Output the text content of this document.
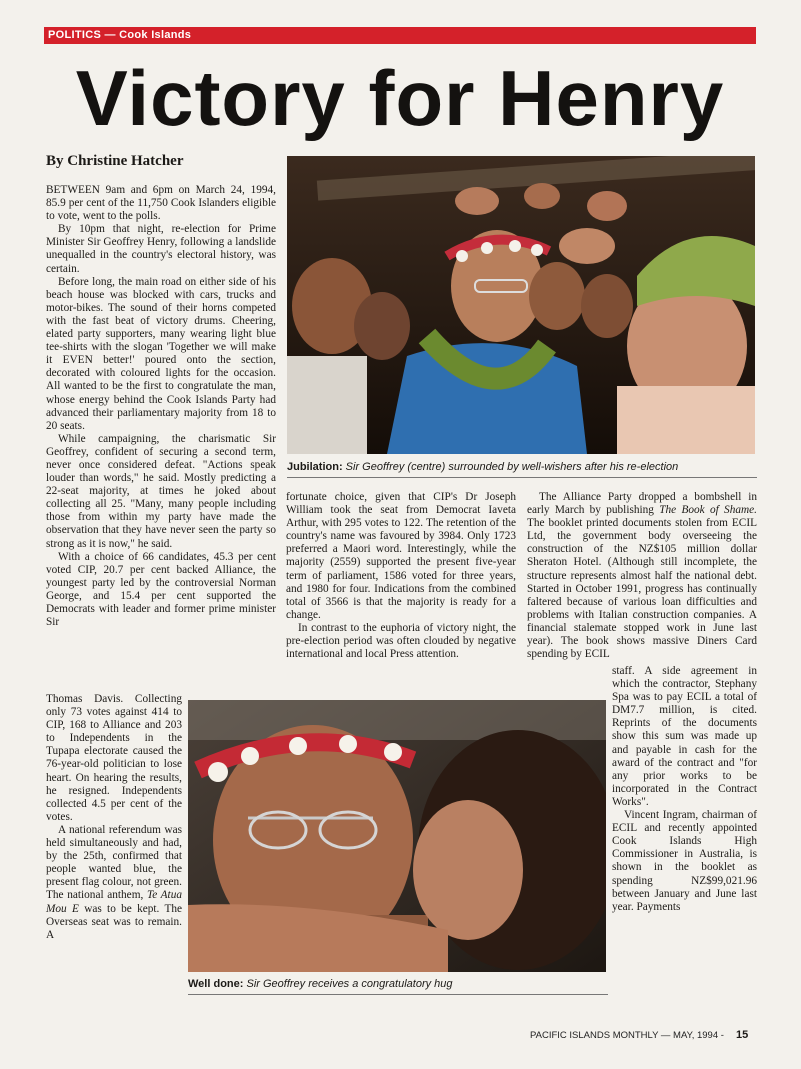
POLITICS — Cook Islands
Victory for Henry
By Christine Hatcher

BETWEEN 9am and 6pm on March 24, 1994, 85.9 per cent of the 11,750 Cook Islanders eligible to vote, went to the polls.

By 10pm that night, re-election for Prime Minister Sir Geoffrey Henry, following a landslide unequalled in the country's electoral history, was certain.

Before long, the main road on either side of his beach house was blocked with cars, trucks and motor-bikes. The sound of their horns competed with the fast beat of victory drums. Cheering, elated party supporters, many wearing light blue tee-shirts with the slogan 'Together we will make it EVEN better!' poured onto the section, decorated with coloured lights for the occasion. All wanted to be the first to congratulate the man, whose energy behind the Cook Islands Party had advanced their parliamentary majority from 18 to 20 seats.

While campaigning, the charismatic Sir Geoffrey, confident of securing a second term, never once considered defeat. "Actions speak louder than words," he said. Mostly predicting a 22-seat majority, at times he joked about collecting all 25. "Many, many people including those from within my party have made the observation that they have never seen the party so strong as it is now," he said.

With a choice of 66 candidates, 45.3 per cent voted CIP, 20.7 per cent backed Alliance, the youngest party led by the controversial Norman George, and 15.4 per cent supported the Democrats with leader and former prime minister Sir

Thomas Davis. Collecting only 73 votes against 414 to CIP, 168 to Alliance and 203 to Independents in the Tupapa electorate caused the 76-year-old politician to lose heart. On hearing the results, he resigned. Independents collected 4.5 per cent of the votes.

A national referendum was held simultaneously and had, by the 25th, confirmed that people wanted blue, the present flag colour, not green. The national anthem, Te Atua Mou E was to be kept. The Overseas seat was to remain. A

fortunate choice, given that CIP's Dr Joseph William took the seat from Democrat Iaveta Arthur, with 295 votes to 122. The retention of the country's name was favoured by 3984. Only 1723 preferred a Maori word. Interestingly, while the majority (2559) supported the present five-year term of parliament, 1586 voted for three years, and 1980 for four. Indications from the combined total of 3566 is that the majority is ready for a change.

In contrast to the euphoria of victory night, the pre-election period was often clouded by negative international and local Press attention.

The Alliance Party dropped a bombshell in early March by publishing The Book of Shame. The booklet printed documents stolen from ECIL Ltd, the government body overseeing the construction of the NZ$105 million dollar Sheraton Hotel. (Although still incomplete, the structure represents almost half the national debt. Started in October 1991, progress has continually faltered because of various loan difficulties and problems with Italian construction companies. A financial stalemate stopped work in June last year). The book shows massive Diners Card spending by ECIL

staff. A side agreement in which the contractor, Stephany Spa was to pay ECIL a total of DM7.7 million, is cited. Reprints of the documents show this sum was made up and payable in cash for the award of the contract and "for any prior works to be incorporated in the Contract Works".

Vincent Ingram, chairman of ECIL and recently appointed Cook Islands High Commissioner in Australia, is shown in the booklet as spending NZ$99,021.96 between January and June last year. Payments

Jubilation: Sir Geoffrey (centre) surrounded by well-wishers after his re-election
Well done: Sir Geoffrey receives a congratulatory hug
PACIFIC ISLANDS MONTHLY — MAY, 1994 - 15
